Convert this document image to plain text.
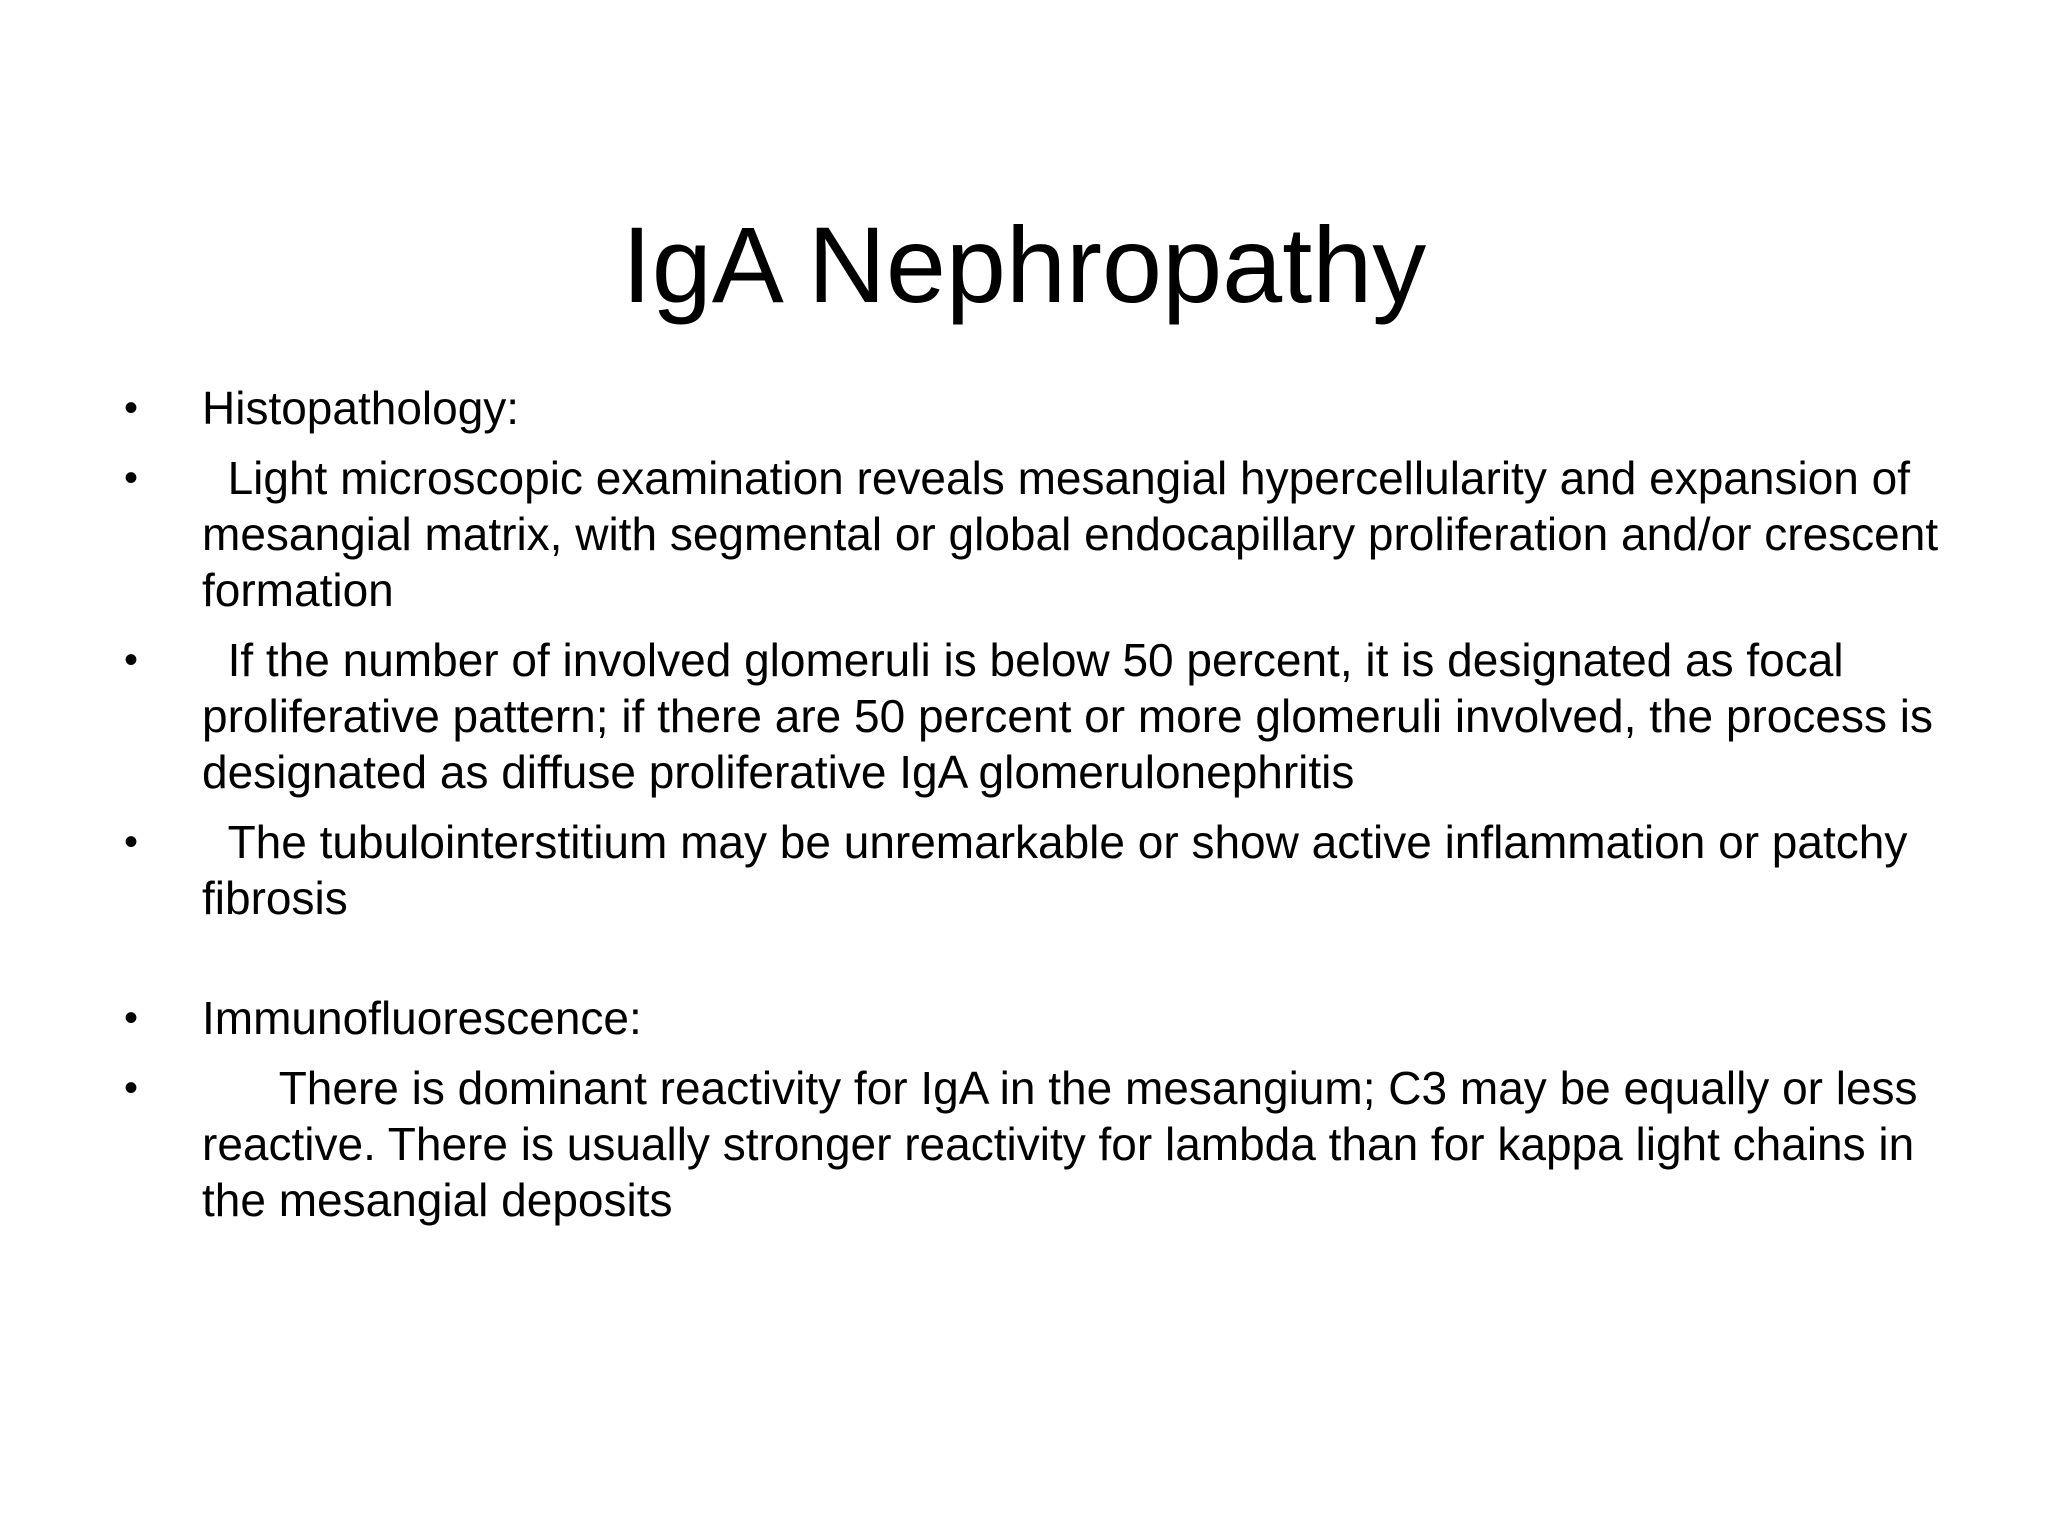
IgA Nephropathy
•	Histopathology:
•	Light microscopic examination reveals mesangial hypercellularity and expansion of mesangial matrix, with segmental or global endocapillary proliferation and/or crescent formation
•	If the number of involved glomeruli is below 50 percent, it is designated as focal proliferative pattern; if there are 50 percent or more glomeruli involved, the process is designated as diffuse proliferative IgA glomerulonephritis
•	The tubulointerstitium may be unremarkable or show active inflammation or patchy fibrosis
•	Immunofluorescence:
•	There is dominant reactivity for IgA in the mesangium; C3 may be equally or less reactive. There is usually stronger reactivity for lambda than for kappa light chains in the mesangial deposits
